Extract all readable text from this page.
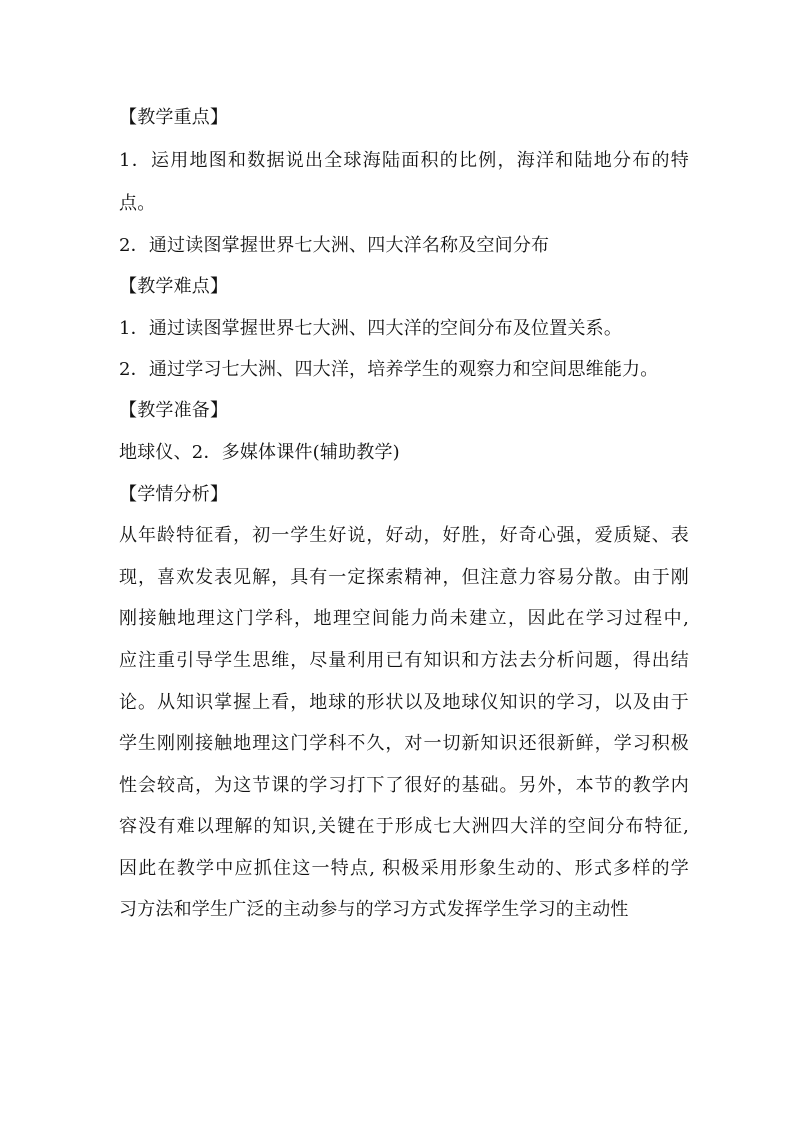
【教学重点】
1．运用地图和数据说出全球海陆面积的比例，海洋和陆地分布的特
点。
2．通过读图掌握世界七大洲、四大洋名称及空间分布
【教学难点】
1．通过读图掌握世界七大洲、四大洋的空间分布及位置关系。
2．通过学习七大洲、四大洋，培养学生的观察力和空间思维能力。
【教学准备】
地球仪、2．多媒体课件(辅助教学)
【学情分析】
从年龄特征看，初一学生好说，好动，好胜，好奇心强，爱质疑、表
现，喜欢发表见解，具有一定探索精神，但注意力容易分散。由于刚
刚接触地理这门学科，地理空间能力尚未建立，因此在学习过程中,
应注重引导学生思维，尽量利用已有知识和方法去分析问题，得出结
论。从知识掌握上看，地球的形状以及地球仪知识的学习，以及由于
学生刚刚接触地理这门学科不久，对一切新知识还很新鲜，学习积极
性会较高，为这节课的学习打下了很好的基础。另外，本节的教学内
容没有难以理解的知识,关键在于形成七大洲四大洋的空间分布特征,
因此在教学中应抓住这一特点, 积极采用形象生动的、形式多样的学
习方法和学生广泛的主动参与的学习方式发挥学生学习的主动性
